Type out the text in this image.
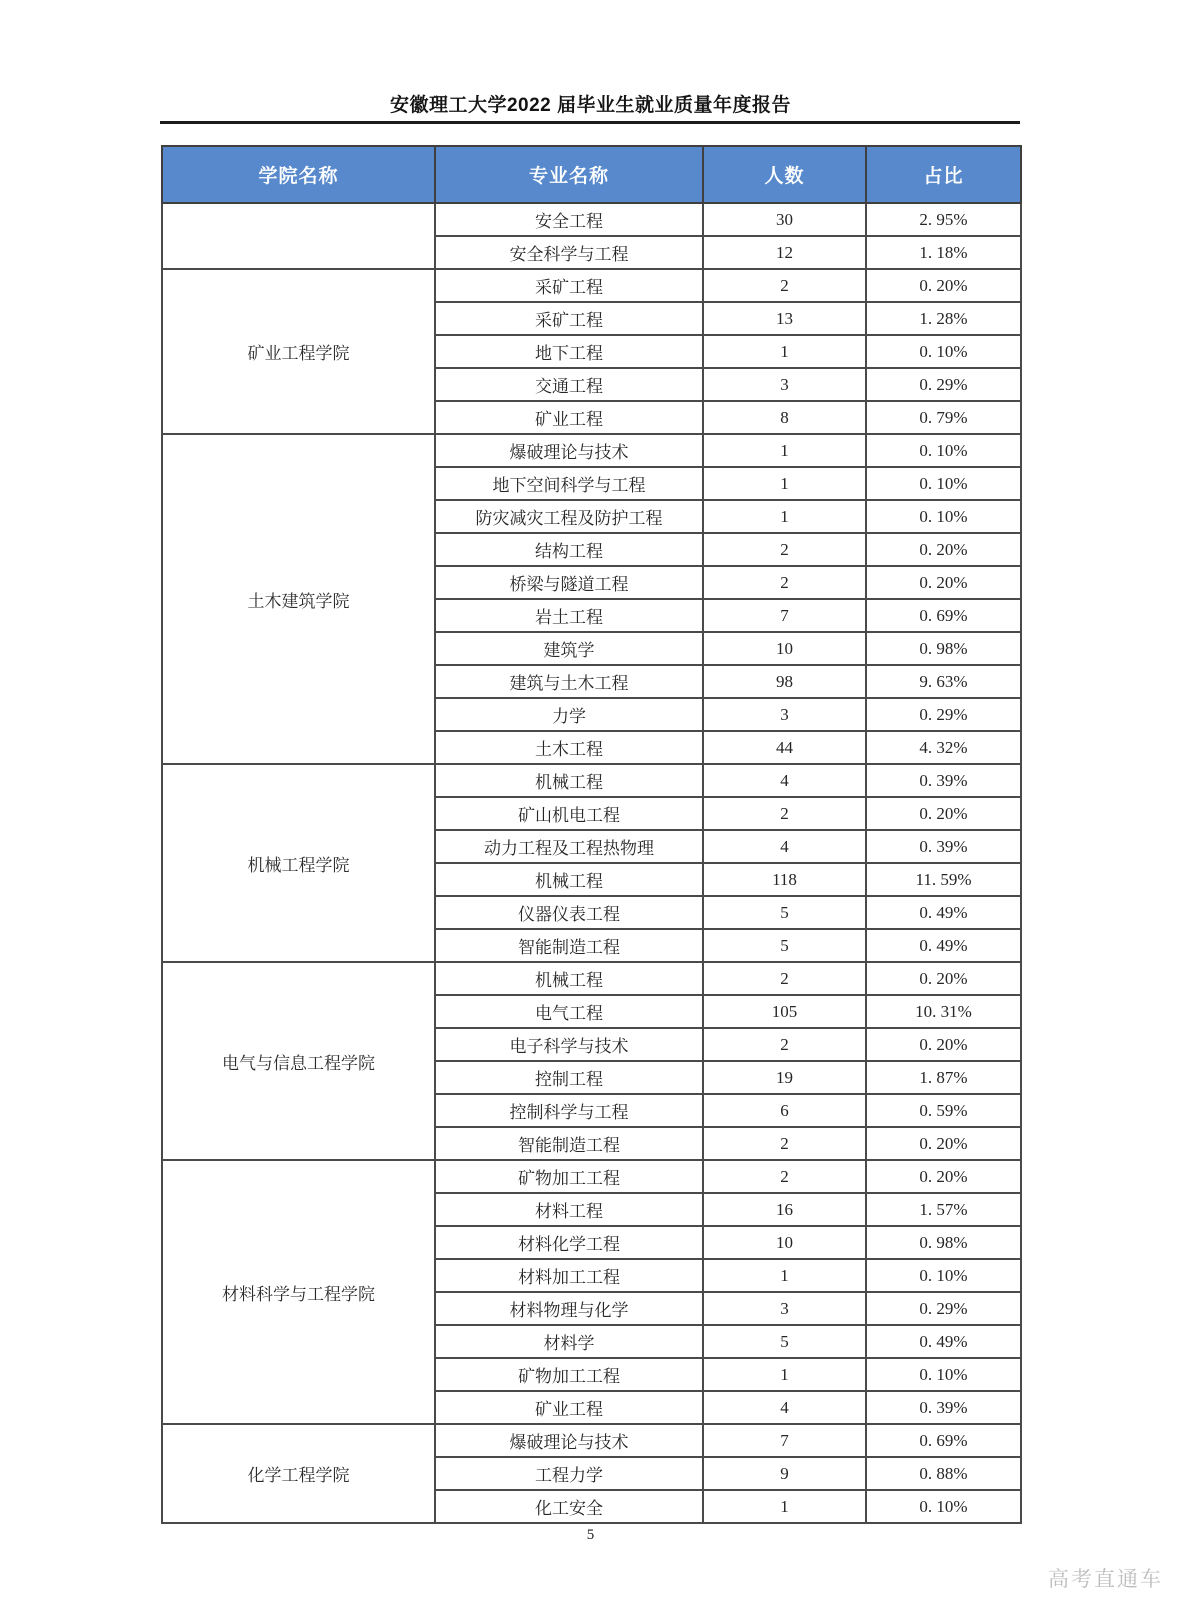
安徽理工大学2022 届毕业生就业质量年度报告
学院名称	专业名称	人数	占比
	安全工程	30	2. 95%
	安全科学与工程	12	1. 18%
矿业工程学院	采矿工程	2	0. 20%
	采矿工程	13	1. 28%
	地下工程	1	0. 10%
	交通工程	3	0. 29%
	矿业工程	8	0. 79%
土木建筑学院	爆破理论与技术	1	0. 10%
	地下空间科学与工程	1	0. 10%
	防灾减灾工程及防护工程	1	0. 10%
	结构工程	2	0. 20%
	桥梁与隧道工程	2	0. 20%
	岩土工程	7	0. 69%
	建筑学	10	0. 98%
	建筑与土木工程	98	9. 63%
	力学	3	0. 29%
	土木工程	44	4. 32%
机械工程学院	机械工程	4	0. 39%
	矿山机电工程	2	0. 20%
	动力工程及工程热物理	4	0. 39%
	机械工程	118	11. 59%
	仪器仪表工程	5	0. 49%
	智能制造工程	5	0. 49%
电气与信息工程学院	机械工程	2	0. 20%
	电气工程	105	10. 31%
	电子科学与技术	2	0. 20%
	控制工程	19	1. 87%
	控制科学与工程	6	0. 59%
	智能制造工程	2	0. 20%
材料科学与工程学院	矿物加工工程	2	0. 20%
	材料工程	16	1. 57%
	材料化学工程	10	0. 98%
	材料加工工程	1	0. 10%
	材料物理与化学	3	0. 29%
	材料学	5	0. 49%
	矿物加工工程	1	0. 10%
	矿业工程	4	0. 39%
化学工程学院	爆破理论与技术	7	0. 69%
	工程力学	9	0. 88%
	化工安全	1	0. 10%
5
高考直通车
